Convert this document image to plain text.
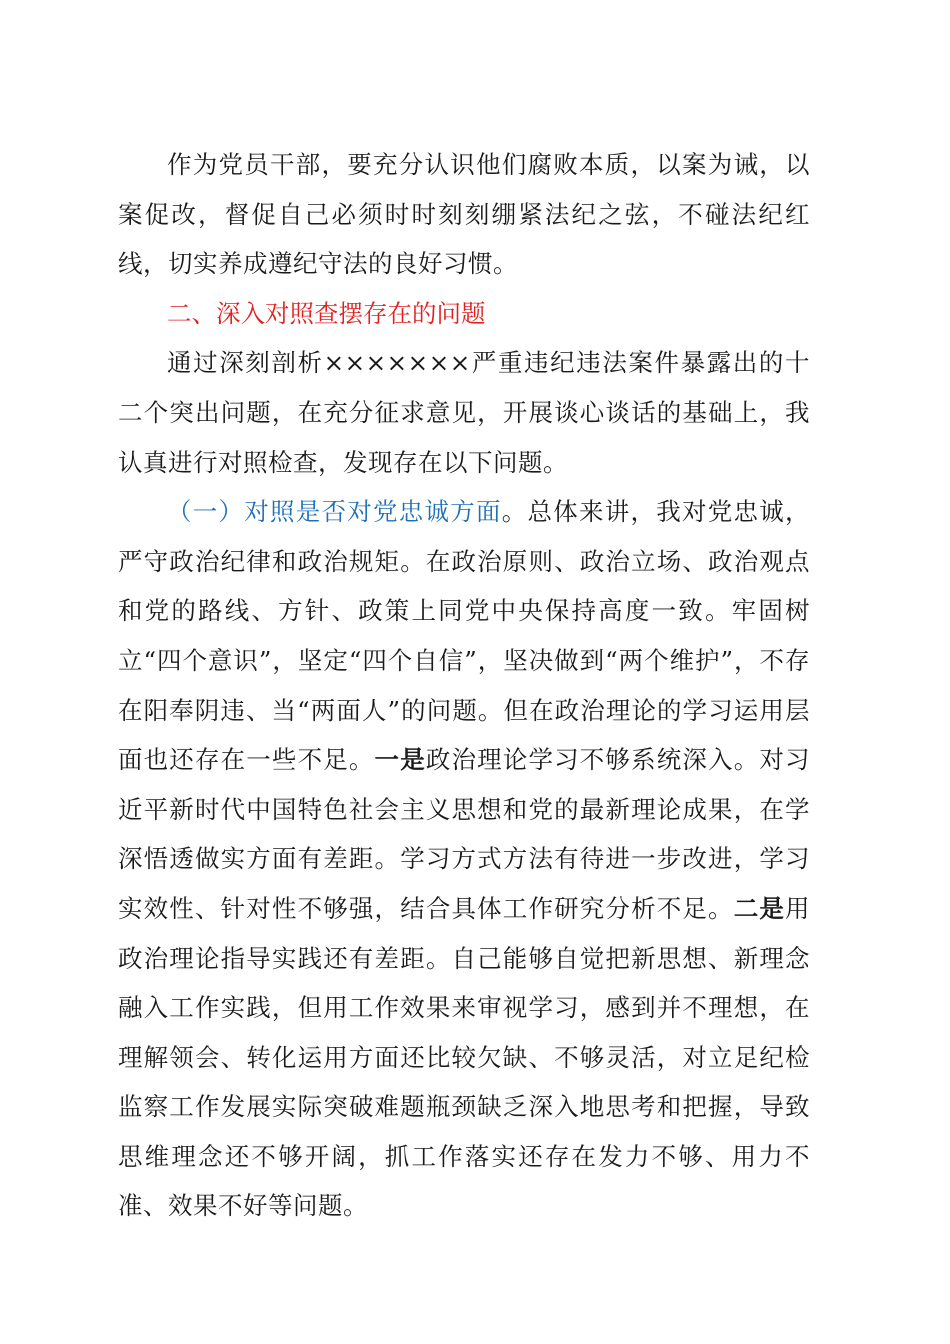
作为党员干部，要充分认识他们腐败本质，以案为诫，以案促改，督促自己必须时时刻刻绷紧法纪之弦，不碰法纪红线，切实养成遵纪守法的良好习惯。

二、深入对照查摆存在的问题

通过深刻剖析×××××××严重违纪违法案件暴露出的十二个突出问题，在充分征求意见，开展谈心谈话的基础上，我认真进行对照检查，发现存在以下问题。

（一）对照是否对党忠诚方面。总体来讲，我对党忠诚，严守政治纪律和政治规矩。在政治原则、政治立场、政治观点和党的路线、方针、政策上同党中央保持高度一致。牢固树立“四个意识”，坚定“四个自信”，坚决做到“两个维护”，不存在阳奉阴违、当“两面人”的问题。但在政治理论的学习运用层面也还存在一些不足。一是政治理论学习不够系统深入。对习近平新时代中国特色社会主义思想和党的最新理论成果，在学深悟透做实方面有差距。学习方式方法有待进一步改进，学习实效性、针对性不够强，结合具体工作研究分析不足。二是用政治理论指导实践还有差距。自己能够自觉把新思想、新理念融入工作实践，但用工作效果来审视学习，感到并不理想，在理解领会、转化运用方面还比较欠缺、不够灵活，对立足纪检监察工作发展实际突破难题瓶颈缺乏深入地思考和把握，导致思维理念还不够开阔，抓工作落实还存在发力不够、用力不准、效果不好等问题。
